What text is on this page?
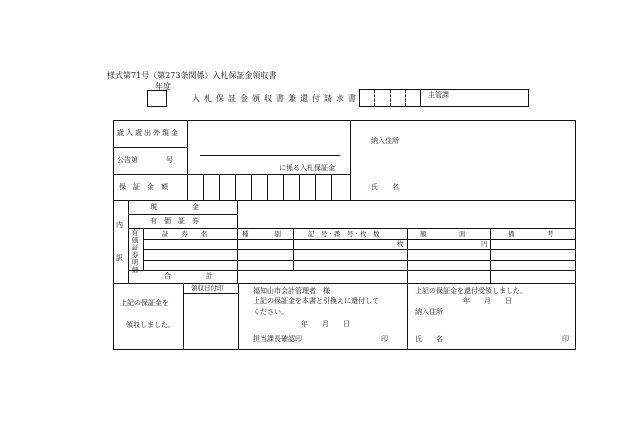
様式第71号（第273条関係）入札保証金領収書
年度
入札保証金領収書兼還付請求書	主管課
歳入歳出外現金
公告第　　　　号
に係る入札保証金
保　証　金　額
納入住所
氏　　名
内
訳
現　　　　　金
有　価　証　券
有価証券明細	証　　券　　名	種　　　　別	記　号・番　号・枚　数	額　　　　　面	備　　　　　考
枚	円
合　　　　　計
上記の保証金を
領収しました。
領収日付印	福知山市会計管理者　様
上記の保証金を本書と引換えに還付して
ください。
年　　月　　日
担当課長確認印	印
上記の保証金を還付受領しました。
年　　月　　日
納入住所
氏　　名	印
